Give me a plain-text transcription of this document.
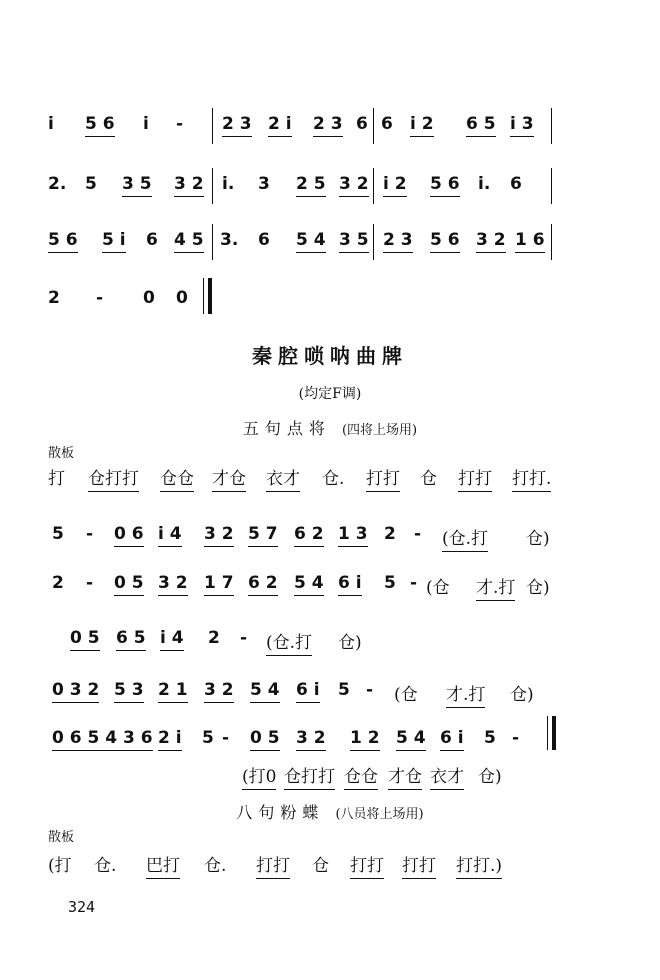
i 5 6 i - 2 3 2 i 2 3 6 6 i 2 6 5 i 3
2. 5 3 5 3 2 i. 3 2 5 3 2 i 2 5 6 i. 6
5 6 5 i 6 4 5 3. 6 5 4 3 5 2 3 5 6 3 2 1 6
2 - 0 0
秦腔唢呐曲牌
(均定F调)
五句点将 (四将上场用)
散板
打 仓打打 仓仓 才仓 衣才 仓. 打打 仓 打打 打打.
5 - 0 6 i 4 3 2 5 7 6 2 1 3 2 - (仓.打 仓)
2 - 0 5 3 2 1 7 6 2 5 4 6 i 5 - (仓 才.打 仓)
0 5 6 5 i 4 2 - (仓.打 仓)
0 3 2 5 3 2 1 3 2 5 4 6 i 5 - (仓 才.打 仓)
0 6 5 4 3 6 2 i 5 - 0 5 3 2 1 2 5 4 6 i 5 -
(打0 仓打打 仓仓 才仓 衣才 仓)
八句粉蝶 (八员将上场用)
散板
(打 仓. 巴打 仓. 打打 仓 打打 打打 打打.)
324
